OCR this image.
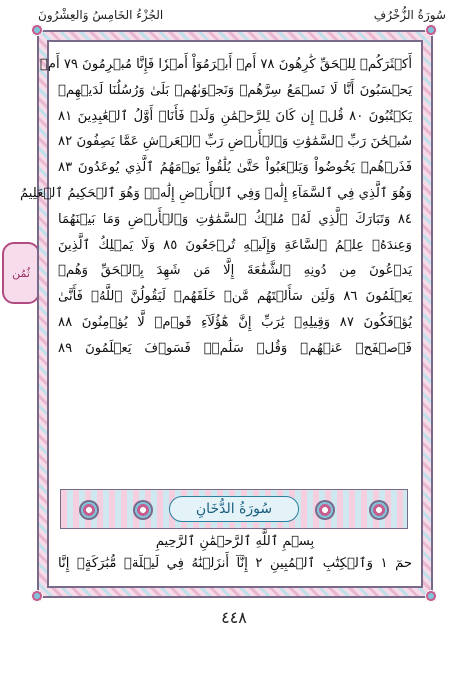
سُورَةُ الزُّخْرُفِ
الجُزْءُ الخَامِسُ وَالعِشْرُونَ
ثُمُن
أَكۡثَرَكُمۡ لِلۡحَقِّ كَٰرِهُونَ ٧٨ أَمۡ أَبۡرَمُوٓاْ أَمۡرٗا فَإِنَّا مُبۡرِمُونَ ٧٩ أَمۡ
يَحۡسَبُونَ أَنَّا لَا نَسۡمَعُ سِرَّهُمۡ وَنَجۡوَىٰهُمۚ بَلَىٰ وَرُسُلُنَا لَدَيۡهِمۡ
يَكۡتُبُونَ ٨٠ قُلۡ إِن كَانَ لِلرَّحۡمَٰنِ وَلَدٞ فَأَنَا۠ أَوَّلُ ٱلۡعَٰبِدِينَ ٨١
سُبۡحَٰنَ رَبِّ ٱلسَّمَٰوَٰتِ وَٱلۡأَرۡضِ رَبِّ ٱلۡعَرۡشِ عَمَّا يَصِفُونَ ٨٢
فَذَرۡهُمۡ يَخُوضُواْ وَيَلۡعَبُواْ حَتَّىٰ يُلَٰقُواْ يَوۡمَهُمُ ٱلَّذِي يُوعَدُونَ ٨٣
وَهُوَ ٱلَّذِي فِي ٱلسَّمَآءِ إِلَٰهٞ وَفِي ٱلۡأَرۡضِ إِلَٰهٞۚ وَهُوَ ٱلۡحَكِيمُ ٱلۡعَلِيمُ
٨٤ وَتَبَارَكَ ٱلَّذِي لَهُۥ مُلۡكُ ٱلسَّمَٰوَٰتِ وَٱلۡأَرۡضِ وَمَا بَيۡنَهُمَا
وَعِندَهُۥ عِلۡمُ ٱلسَّاعَةِ وَإِلَيۡهِ تُرۡجَعُونَ ٨٥ وَلَا يَمۡلِكُ ٱلَّذِينَ
يَدۡعُونَ مِن دُونِهِ ٱلشَّفَٰعَةَ إِلَّا مَن شَهِدَ بِٱلۡحَقِّ وَهُمۡ
يَعۡلَمُونَ ٨٦ وَلَئِن سَأَلۡتَهُم مَّنۡ خَلَقَهُمۡ لَيَقُولُنَّ ٱللَّهُۖ فَأَنَّىٰ
يُؤۡفَكُونَ ٨٧ وَقِيلِهِۦ يَٰرَبِّ إِنَّ هَٰٓؤُلَآءِ قَوۡمٞ لَّا يُؤۡمِنُونَ ٨٨
فَٱصۡفَحۡ عَنۡهُمۡ وَقُلۡ سَلَٰمٞۚ فَسَوۡفَ يَعۡلَمُونَ ٨٩
سُورَةُ الدُّخَانِ
بِسۡمِ ٱللَّهِ ٱلرَّحۡمَٰنِ ٱلرَّحِيمِ
حمٓ ١ وَٱلۡكِتَٰبِ ٱلۡمُبِينِ ٢ إِنَّآ أَنزَلۡنَٰهُ فِي لَيۡلَةٖ مُّبَٰرَكَةٍۚ إِنَّا
٤٤٨
